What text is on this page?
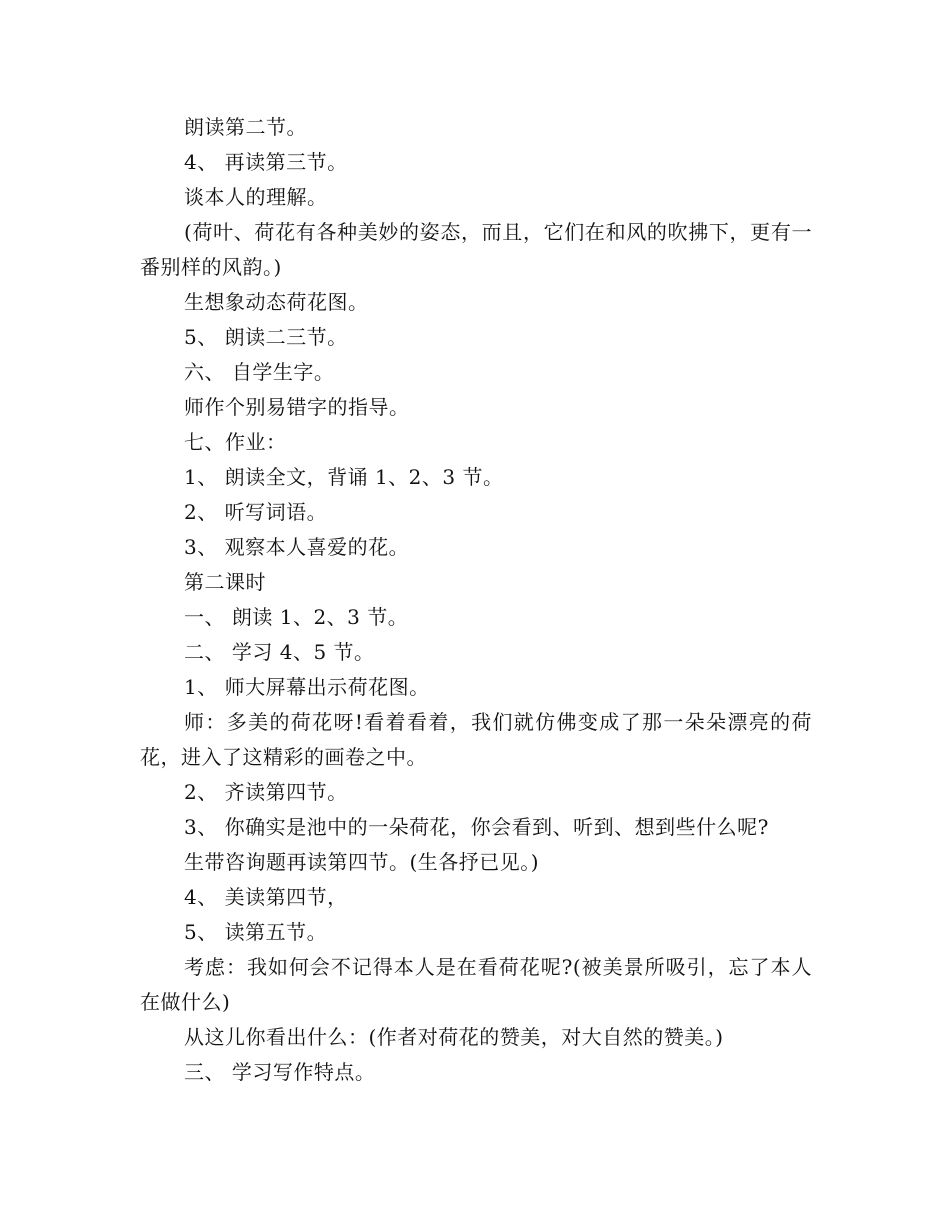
朗读第二节。
4、 再读第三节。
谈本人的理解。
(荷叶、荷花有各种美妙的姿态，而且，它们在和风的吹拂下，更有一番别样的风韵。)
生想象动态荷花图。
5、 朗读二三节。
六、 自学生字。
师作个别易错字的指导。
七、作业：
1、 朗读全文，背诵 1、2、3 节。
2、 听写词语。
3、 观察本人喜爱的花。
第二课时
一、 朗读 1、2、3 节。
二、 学习 4、5 节。
1、 师大屏幕出示荷花图。
师：多美的荷花呀!看着看着，我们就仿佛变成了那一朵朵漂亮的荷花，进入了这精彩的画卷之中。
2、 齐读第四节。
3、 你确实是池中的一朵荷花，你会看到、听到、想到些什么呢?
生带咨询题再读第四节。(生各抒已见。)
4、 美读第四节，
5、 读第五节。
考虑：我如何会不记得本人是在看荷花呢?(被美景所吸引，忘了本人在做什么)
从这儿你看出什么：(作者对荷花的赞美，对大自然的赞美。)
三、 学习写作特点。
